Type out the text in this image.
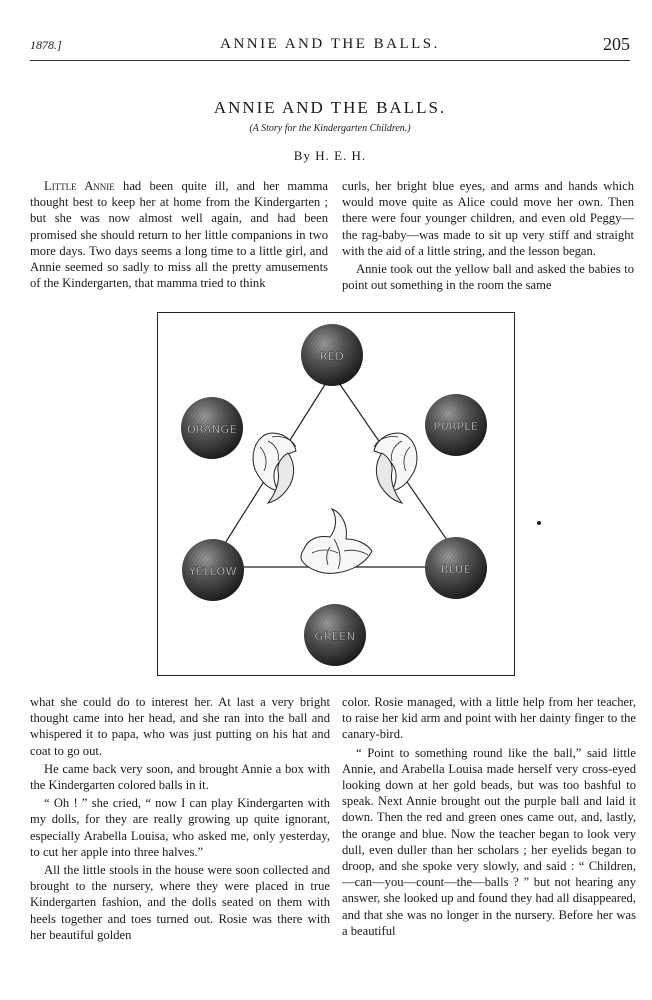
1878.]	ANNIE AND THE BALLS.	205
ANNIE AND THE BALLS.
(A Story for the Kindergarten Children.)
By H. E. H.

Little Annie had been quite ill, and her mamma thought best to keep her at home from the Kindergarten ; but she was now almost well again, and had been promised she should return to her little companions in two more days. Two days seems a long time to a little girl, and Annie seemed so sadly to miss all the pretty amusements of the Kindergarten, that mamma tried to think

curls, her bright blue eyes, and arms and hands which would move quite as Alice could move her own. Then there were four younger children, and even old Peggy—the rag-baby—was made to sit up very stiff and straight with the aid of a little string, and the lesson began.

Annie took out the yellow ball and asked the babies to point out something in the room the same

RED
ORANGE	PURPLE
YELLOW	BLUE
GREEN

what she could do to interest her. At last a very bright thought came into her head, and she ran into the ball and whispered it to papa, who was just putting on his hat and coat to go out.

He came back very soon, and brought Annie a box with the Kindergarten colored balls in it.

“ Oh ! ” she cried, “ now I can play Kindergarten with my dolls, for they are really growing up quite ignorant, especially Arabella Louisa, who asked me, only yesterday, to cut her apple into three halves.”

All the little stools in the house were soon collected and brought to the nursery, where they were placed in true Kindergarten fashion, and the dolls seated on them with heels together and toes turned out. Rosie was there with her beautiful golden

color. Rosie managed, with a little help from her teacher, to raise her kid arm and point with her dainty finger to the canary-bird.

“ Point to something round like the ball,” said little Annie, and Arabella Louisa made herself very cross-eyed looking down at her gold beads, but was too bashful to speak. Next Annie brought out the purple ball and laid it down. Then the red and green ones came out, and, lastly, the orange and blue. Now the teacher began to look very dull, even duller than her scholars ; her eyelids began to droop, and she spoke very slowly, and said : “ Children,—can—you—count—the—balls ? ” but not hearing any answer, she looked up and found they had all disappeared, and that she was no longer in the nursery. Before her was a beautiful
